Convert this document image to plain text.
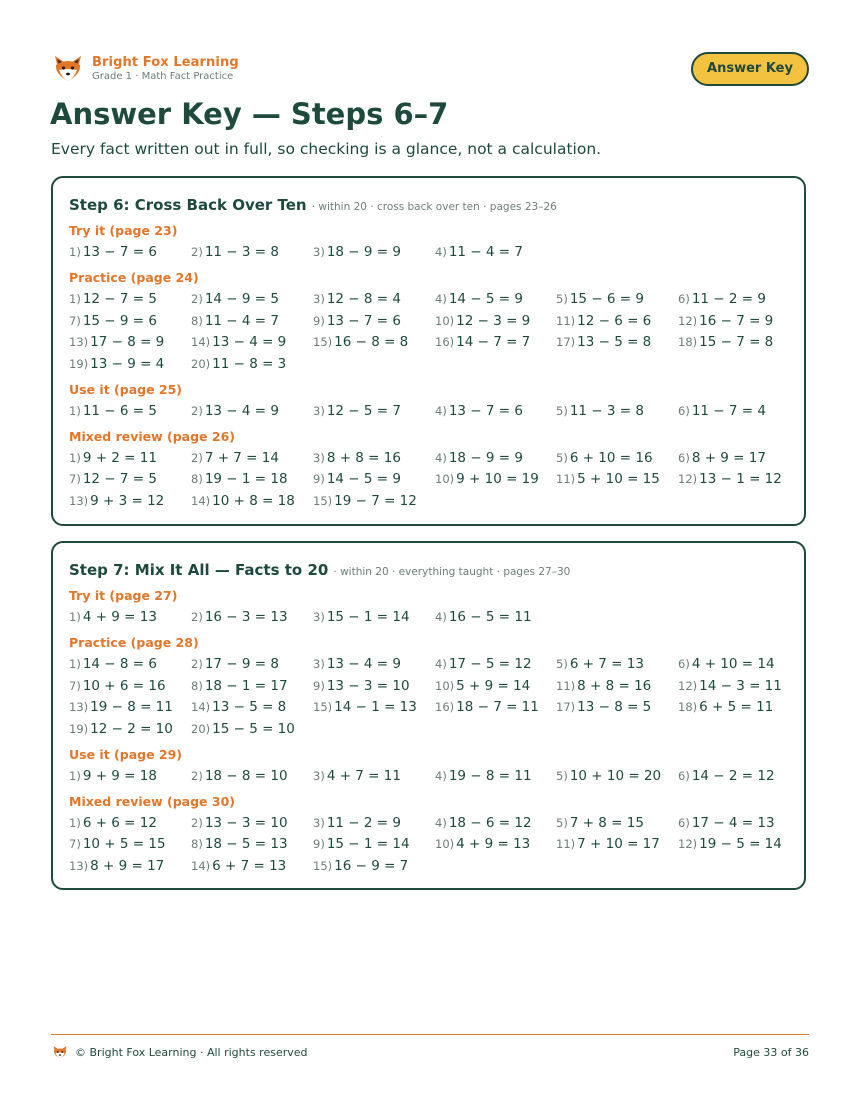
Bright Fox Learning
Grade 1 · Math Fact Practice
Answer Key
Answer Key — Steps 6–7
Every fact written out in full, so checking is a glance, not a calculation.
Step 6: Cross Back Over Ten · within 20 · cross back over ten · pages 23–26
Try it (page 23)
1) 13 − 7 = 6	2) 11 − 3 = 8	3) 18 − 9 = 9	4) 11 − 4 = 7
Practice (page 24)
1) 12 − 7 = 5	2) 14 − 9 = 5	3) 12 − 8 = 4	4) 14 − 5 = 9	5) 15 − 6 = 9	6) 11 − 2 = 9
7) 15 − 9 = 6	8) 11 − 4 = 7	9) 13 − 7 = 6	10) 12 − 3 = 9 11) 12 − 6 = 6 12) 16 − 7 = 9
13) 17 − 8 = 9 14) 13 − 4 = 9 15) 16 − 8 = 8 16) 14 − 7 = 7 17) 13 − 5 = 8 18) 15 − 7 = 8
19) 13 − 9 = 4 20) 11 − 8 = 3
Use it (page 25)
1) 11 − 6 = 5	2) 13 − 4 = 9	3) 12 − 5 = 7	4) 13 − 7 = 6	5) 11 − 3 = 8	6) 11 − 7 = 4
Mixed review (page 26)
1) 9 + 2 = 11	2) 7 + 7 = 14	3) 8 + 8 = 16	4) 18 − 9 = 9	5) 6 + 10 = 16 6) 8 + 9 = 17
7) 12 − 7 = 5	8) 19 − 1 = 18 9) 14 − 5 = 9	10) 9 + 10 = 19 11) 5 + 10 = 15 12) 13 − 1 = 12
13) 9 + 3 = 12 14) 10 + 8 = 18 15) 19 − 7 = 12
Step 7: Mix It All — Facts to 20 · within 20 · everything taught · pages 27–30
Try it (page 27)
1) 4 + 9 = 13	2) 16 − 3 = 13 3) 15 − 1 = 14 4) 16 − 5 = 11
Practice (page 28)
1) 14 − 8 = 6	2) 17 − 9 = 8	3) 13 − 4 = 9	4) 17 − 5 = 12 5) 6 + 7 = 13	6) 4 + 10 = 14
7) 10 + 6 = 16 8) 18 − 1 = 17 9) 13 − 3 = 10 10) 5 + 9 = 14 11) 8 + 8 = 16 12) 14 − 3 = 11
13) 19 − 8 = 11 14) 13 − 5 = 8 15) 14 − 1 = 13 16) 18 − 7 = 11 17) 13 − 8 = 5 18) 6 + 5 = 11
19) 12 − 2 = 10 20) 15 − 5 = 10
Use it (page 29)
1) 9 + 9 = 18	2) 18 − 8 = 10 3) 4 + 7 = 11	4) 19 − 8 = 11 5) 10 + 10 = 20 6) 14 − 2 = 12
Mixed review (page 30)
1) 6 + 6 = 12	2) 13 − 3 = 10 3) 11 − 2 = 9	4) 18 − 6 = 12 5) 7 + 8 = 15	6) 17 − 4 = 13
7) 10 + 5 = 15 8) 18 − 5 = 13 9) 15 − 1 = 14 10) 4 + 9 = 13 11) 7 + 10 = 17 12) 19 − 5 = 14
13) 8 + 9 = 17 14) 6 + 7 = 13 15) 16 − 9 = 7
© Bright Fox Learning · All rights reserved	Page 33 of 36
